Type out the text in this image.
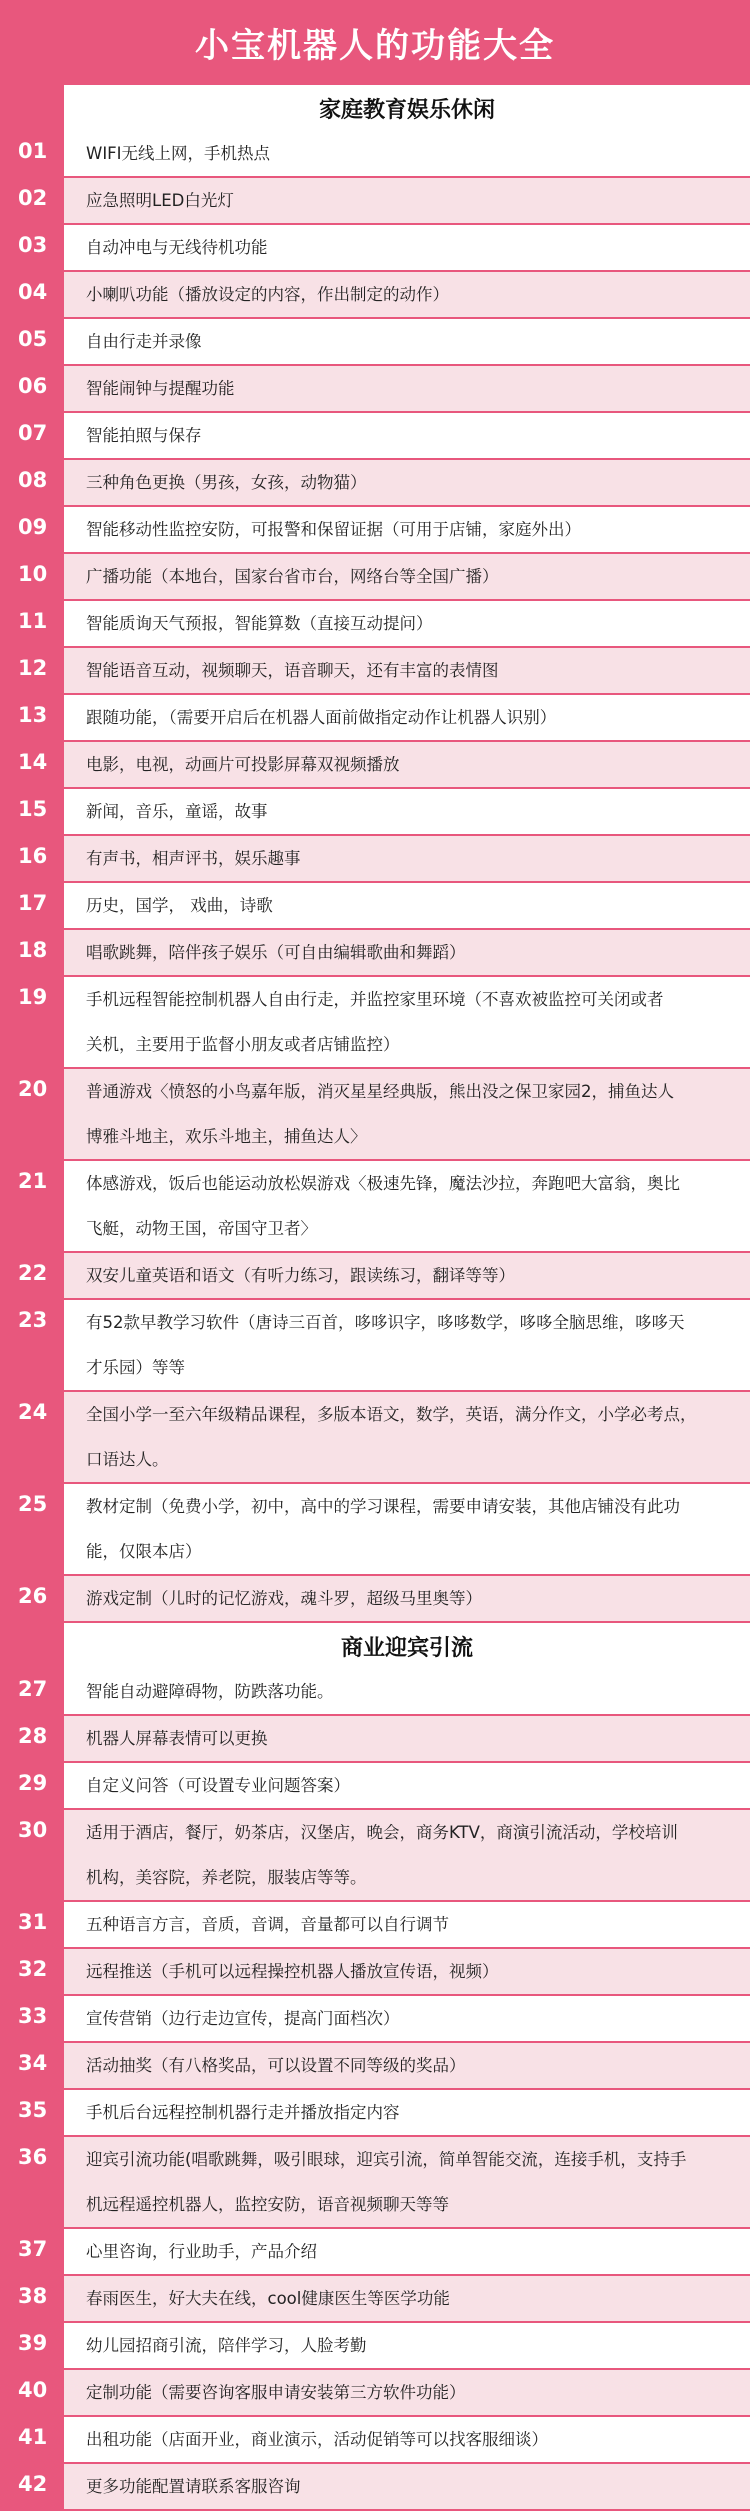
小宝机器人的功能大全
家庭教育娱乐休闲
01	WIFI无线上网，手机热点
02	应急照明LED白光灯
03	自动冲电与无线待机功能
04	小喇叭功能（播放设定的内容，作出制定的动作）
05	自由行走并录像
06	智能闹钟与提醒功能
07	智能拍照与保存
08	三种角色更换（男孩，女孩，动物猫）
09	智能移动性监控安防，可报警和保留证据（可用于店铺，家庭外出）
10	广播功能（本地台，国家台省市台，网络台等全国广播）
11	智能质询天气预报，智能算数（直接互动提问）
12	智能语音互动，视频聊天，语音聊天，还有丰富的表情图
13	跟随功能，（需要开启后在机器人面前做指定动作让机器人识别）
14	电影，电视，动画片可投影屏幕双视频播放
15	新闻，音乐，童谣，故事
16	有声书，相声评书，娱乐趣事
17	历史，国学， 戏曲，诗歌
18	唱歌跳舞，陪伴孩子娱乐（可自由编辑歌曲和舞蹈）
19	手机远程智能控制机器人自由行走，并监控家里环境（不喜欢被监控可关闭或者
关机，主要用于监督小朋友或者店铺监控）
20	普通游戏〈愤怒的小鸟嘉年版，消灭星星经典版，熊出没之保卫家园2，捕鱼达人
博雅斗地主，欢乐斗地主，捕鱼达人〉
21	体感游戏，饭后也能运动放松娱游戏〈极速先锋，魔法沙拉，奔跑吧大富翁，奥比
飞艇，动物王国，帝国守卫者〉
22	双安儿童英语和语文（有听力练习，跟读练习，翻译等等）
23	有52款早教学习软件（唐诗三百首，哆哆识字，哆哆数学，哆哆全脑思维，哆哆天
才乐园）等等
24	全国小学一至六年级精品课程，多版本语文，数学，英语，满分作文，小学必考点，
口语达人。
25	教材定制（免费小学，初中，高中的学习课程，需要申请安装，其他店铺没有此功
能，仅限本店）
26	游戏定制（儿时的记忆游戏，魂斗罗，超级马里奥等）
商业迎宾引流
27	智能自动避障碍物，防跌落功能。
28	机器人屏幕表情可以更换
29	自定义问答（可设置专业问题答案）
30	适用于酒店，餐厅，奶茶店，汉堡店，晚会，商务KTV，商演引流活动，学校培训
机构，美容院，养老院，服装店等等。
31	五种语言方言，音质，音调，音量都可以自行调节
32	远程推送（手机可以远程操控机器人播放宣传语，视频）
33	宣传营销（边行走边宣传，提高门面档次）
34	活动抽奖（有八格奖品，可以设置不同等级的奖品）
35	手机后台远程控制机器行走并播放指定内容
36	迎宾引流功能(唱歌跳舞，吸引眼球，迎宾引流，简单智能交流，连接手机，支持手
机远程遥控机器人，监控安防，语音视频聊天等等
37	心里咨询，行业助手，产品介绍
38	春雨医生，好大夫在线，cool健康医生等医学功能
39	幼儿园招商引流，陪伴学习，人脸考勤
40	定制功能（需要咨询客服申请安装第三方软件功能）
41	出租功能（店面开业，商业演示，活动促销等可以找客服细谈）
42	更多功能配置请联系客服咨询
